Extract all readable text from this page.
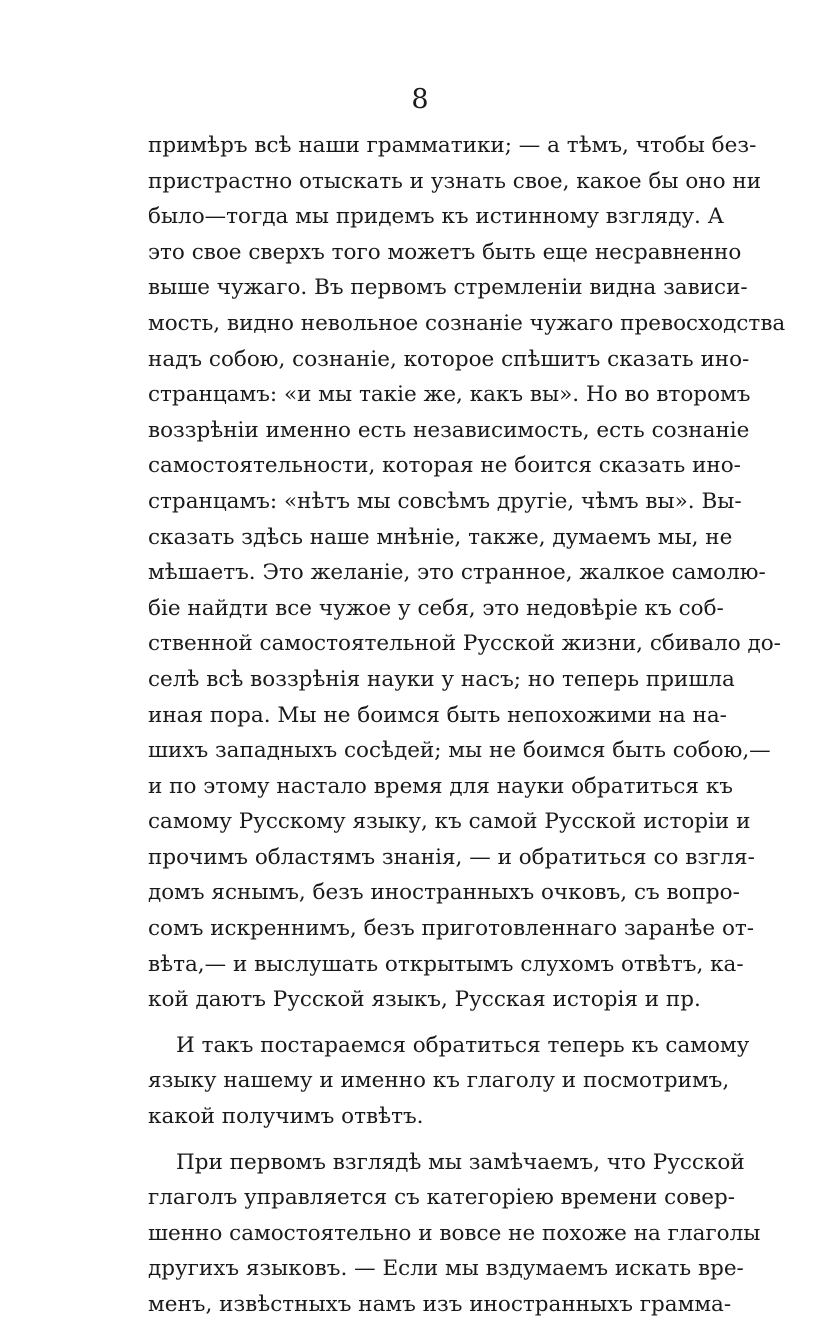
8
примѣръ всѣ наши грамматики; — а тѣмъ, чтобы без-
пристрастно отыскать и узнать свое, какое бы оно ни
было—тогда мы придемъ къ истинному взгляду. А
это свое сверхъ того можетъ быть еще несравненно
выше чужаго. Въ первомъ стремленіи видна зависи-
мость, видно невольное сознаніе чужаго превосходства
надъ собою, сознаніе, которое спѣшитъ сказать ино-
странцамъ: «и мы такіе же, какъ вы». Но во второмъ
воззрѣніи именно есть независимость, есть сознаніе
самостоятельности, которая не боится сказать ино-
странцамъ: «нѣтъ мы совсѣмъ другіе, чѣмъ вы». Вы-
сказать здѣсь наше мнѣніе, также, думаемъ мы, не
мѣшаетъ. Это желаніе, это странное, жалкое самолю-
біе найдти все чужое у себя, это недовѣріе къ соб-
ственной самостоятельной Русской жизни, сбивало до-
селѣ всѣ воззрѣнія науки у насъ; но теперь пришла
иная пора. Мы не боимся быть непохожими на на-
шихъ западныхъ сосѣдей; мы не боимся быть собою,—
и по этому настало время для науки обратиться къ
самому Русскому языку, къ самой Русской исторіи и
прочимъ областямъ знанія, — и обратиться со взгля-
домъ яснымъ, безъ иностранныхъ очковъ, съ вопро-
сомъ искреннимъ, безъ приготовленнаго заранѣе от-
вѣта,— и выслушать открытымъ слухомъ отвѣтъ, ка-
кой даютъ Русской языкъ, Русская исторія и пр.
И такъ постараемся обратиться теперь къ самому
языку нашему и именно къ глаголу и посмотримъ,
какой получимъ отвѣтъ.
При первомъ взглядѣ мы замѣчаемъ, что Русской
глаголъ управляется съ категоріею времени совер-
шенно самостоятельно и вовсе не похоже на глаголы
другихъ языковъ. — Если мы вздумаемъ искать вре-
менъ, извѣстныхъ намъ изъ иностранныхъ грамма-
